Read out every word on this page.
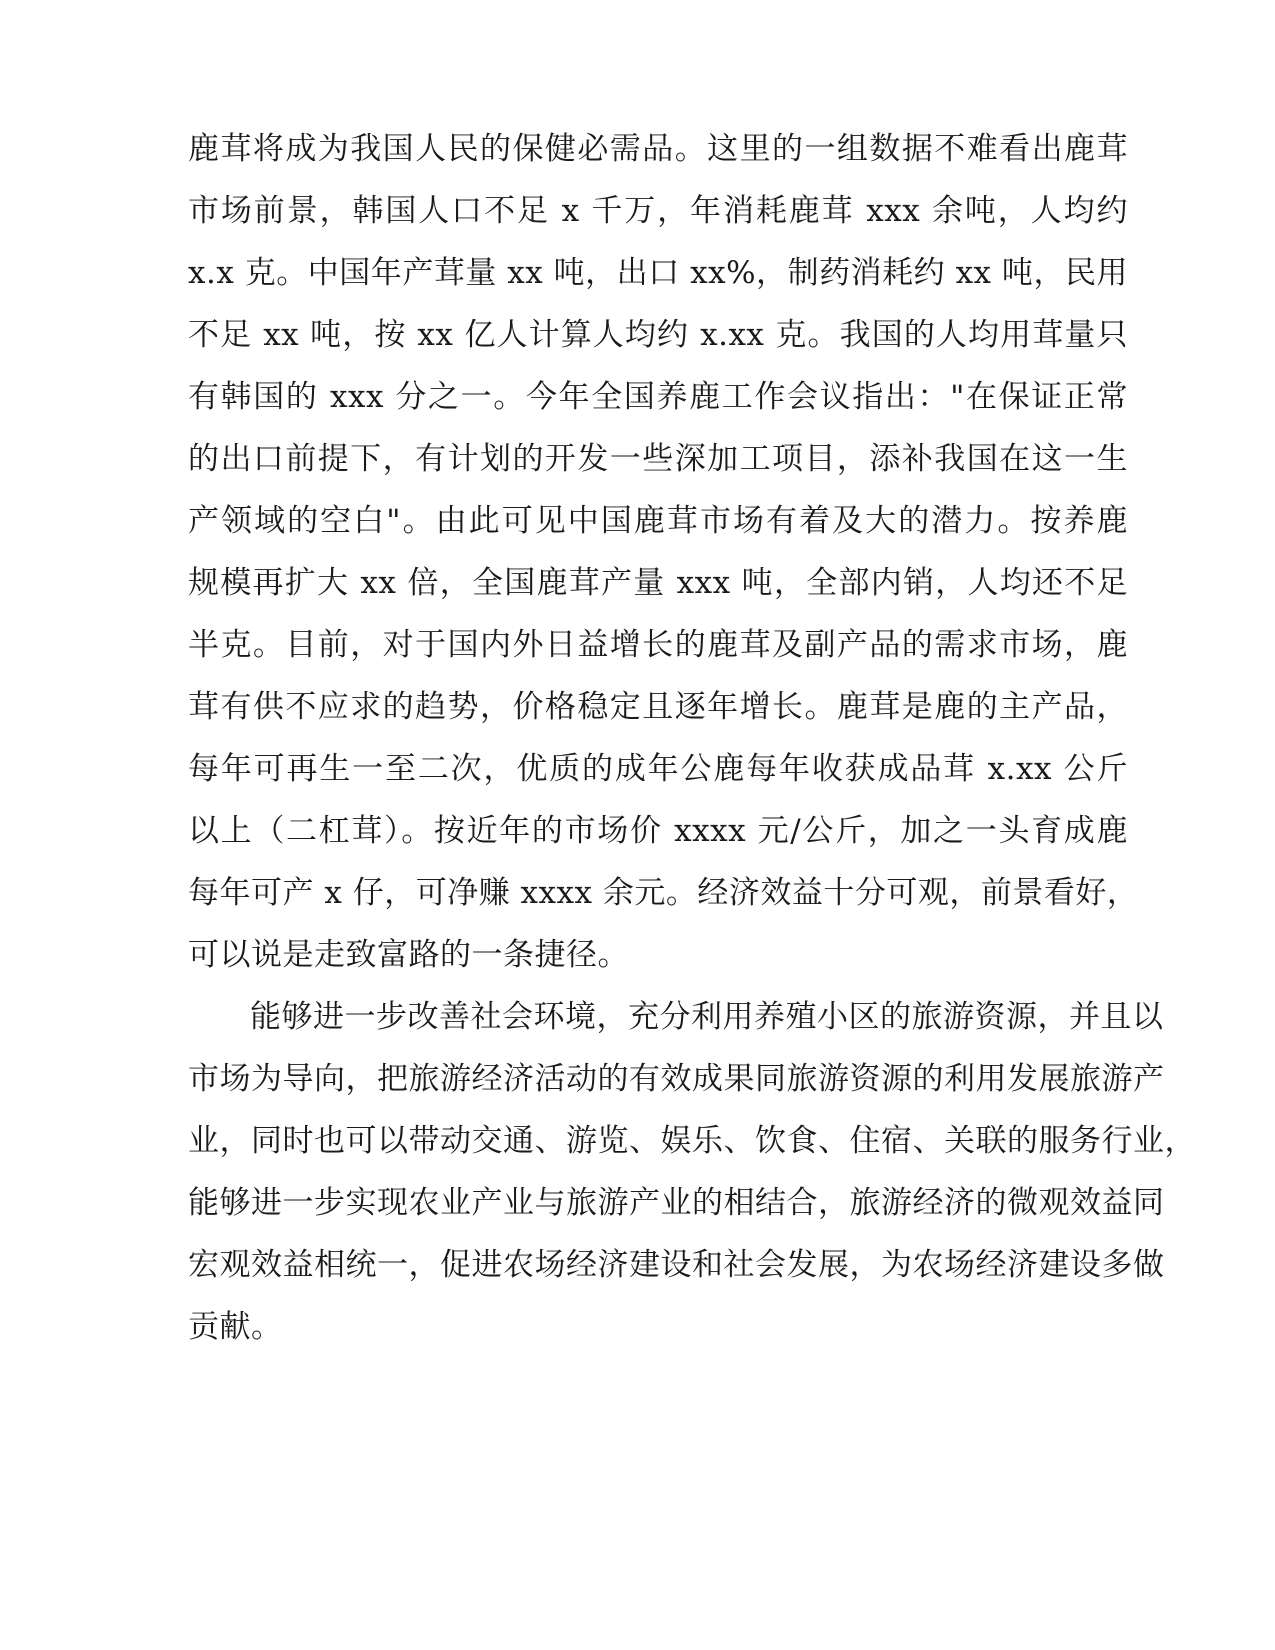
鹿茸将成为我国人民的保健必需品。这里的一组数据不难看出鹿茸
市场前景，韩国人口不足 x 千万，年消耗鹿茸 xxx 余吨，人均约
x.x 克。中国年产茸量 xx 吨，出口 xx%，制药消耗约 xx 吨，民用
不足 xx 吨，按 xx 亿人计算人均约 x.xx 克。我国的人均用茸量只
有韩国的 xxx 分之一。今年全国养鹿工作会议指出："在保证正常
的出口前提下，有计划的开发一些深加工项目，添补我国在这一生
产领域的空白"。由此可见中国鹿茸市场有着及大的潜力。按养鹿
规模再扩大 xx 倍，全国鹿茸产量 xxx 吨，全部内销，人均还不足
半克。目前，对于国内外日益增长的鹿茸及副产品的需求市场，鹿
茸有供不应求的趋势，价格稳定且逐年增长。鹿茸是鹿的主产品，
每年可再生一至二次，优质的成年公鹿每年收获成品茸 x.xx 公斤
以上（二杠茸）。按近年的市场价 xxxx 元/公斤，加之一头育成鹿
每年可产 x 仔，可净赚 xxxx 余元。经济效益十分可观，前景看好，
可以说是走致富路的一条捷径。
能够进一步改善社会环境，充分利用养殖小区的旅游资源，并且以
市场为导向，把旅游经济活动的有效成果同旅游资源的利用发展旅游产
业，同时也可以带动交通、游览、娱乐、饮食、住宿、关联的服务行业，
能够进一步实现农业产业与旅游产业的相结合，旅游经济的微观效益同
宏观效益相统一，促进农场经济建设和社会发展，为农场经济建设多做
贡献。
